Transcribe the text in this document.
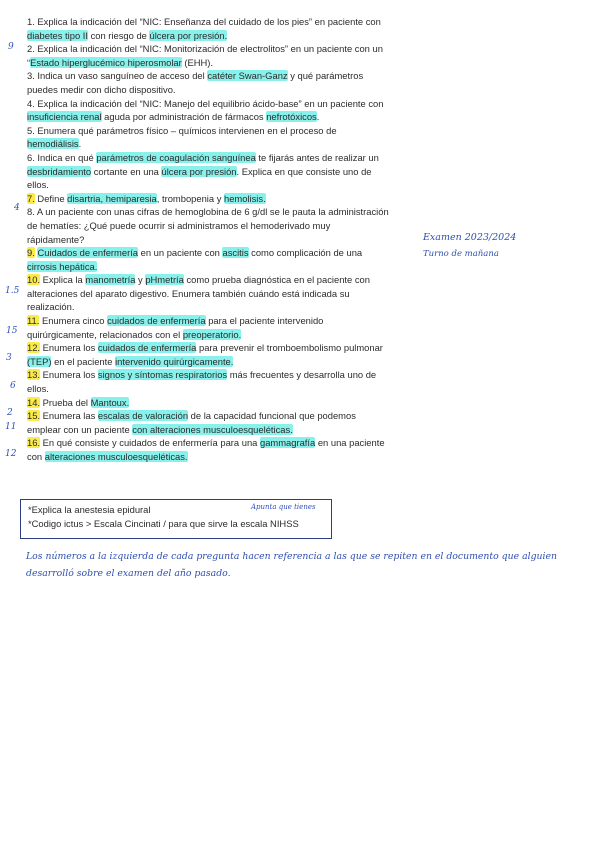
1. Explica la indicación del “NIC: Enseñanza del cuidado de los pies” en paciente con diabetes tipo II con riesgo de úlcera por presión.

2. Explica la indicación del “NIC: Monitorización de electrolitos” en un paciente con un “Estado hiperglucémico hiperosmolar (EHH).

3. Indica un vaso sanguíneo de acceso del catéter Swan-Ganz y qué parámetros puedes medir con dicho dispositivo.

4. Explica la indicación del “NIC: Manejo del equilibrio ácido-base” en un paciente con insuficiencia renal aguda por administración de fármacos nefrotóxicos.

5. Enumera qué parámetros físico – químicos intervienen en el proceso de hemodiálisis.

6. Indica en qué parámetros de coagulación sanguínea te fijarás antes de realizar un desbridamiento cortante en una úlcera por presión. Explica en que consiste uno de ellos.

7. Define disartria, hemiparesia, trombopenia y hemolisis.

8. A un paciente con unas cifras de hemoglobina de 6 g/dl se le pauta la administración de hematíes: ¿Qué puede ocurrir si administramos el hemoderivado muy rápidamente?

9. Cuidados de enfermería en un paciente con ascitis como complicación de una cirrosis hepática.

10. Explica la manometría y pHmetría como prueba diagnóstica en el paciente con alteraciones del aparato digestivo. Enumera también cuándo está indicada su realización.

11. Enumera cinco cuidados de enfermería para el paciente intervenido quirúrgicamente, relacionados con el preoperatorio.

12. Enumera los cuidados de enfermería para prevenir el tromboembolismo pulmonar (TEP) en el paciente intervenido quirúrgicamente.

13. Enumera los signos y síntomas respiratorios más frecuentes y desarrolla uno de ellos.

14. Prueba del Mantoux.

15. Enumera las escalas de valoración de la capacidad funcional que podemos emplear con un paciente con alteraciones musculoesqueléticas.

16. En qué consiste y cuidados de enfermería para una gammagrafía en una paciente con alteraciones musculoesqueléticas.

9
4
1.5
15
3
6
2
11
12
Examen 2023/2024
Turno de mañana
*Explica la anestesia epidural
*Codigo ictus > Escala Cincinati / para que sirve la escala NIHSS
Apunta que tienes
Los números a la izquierda de cada pregunta hacen referencia a las que se repiten en el documento que alguien desarrolló sobre el examen del año pasado.
